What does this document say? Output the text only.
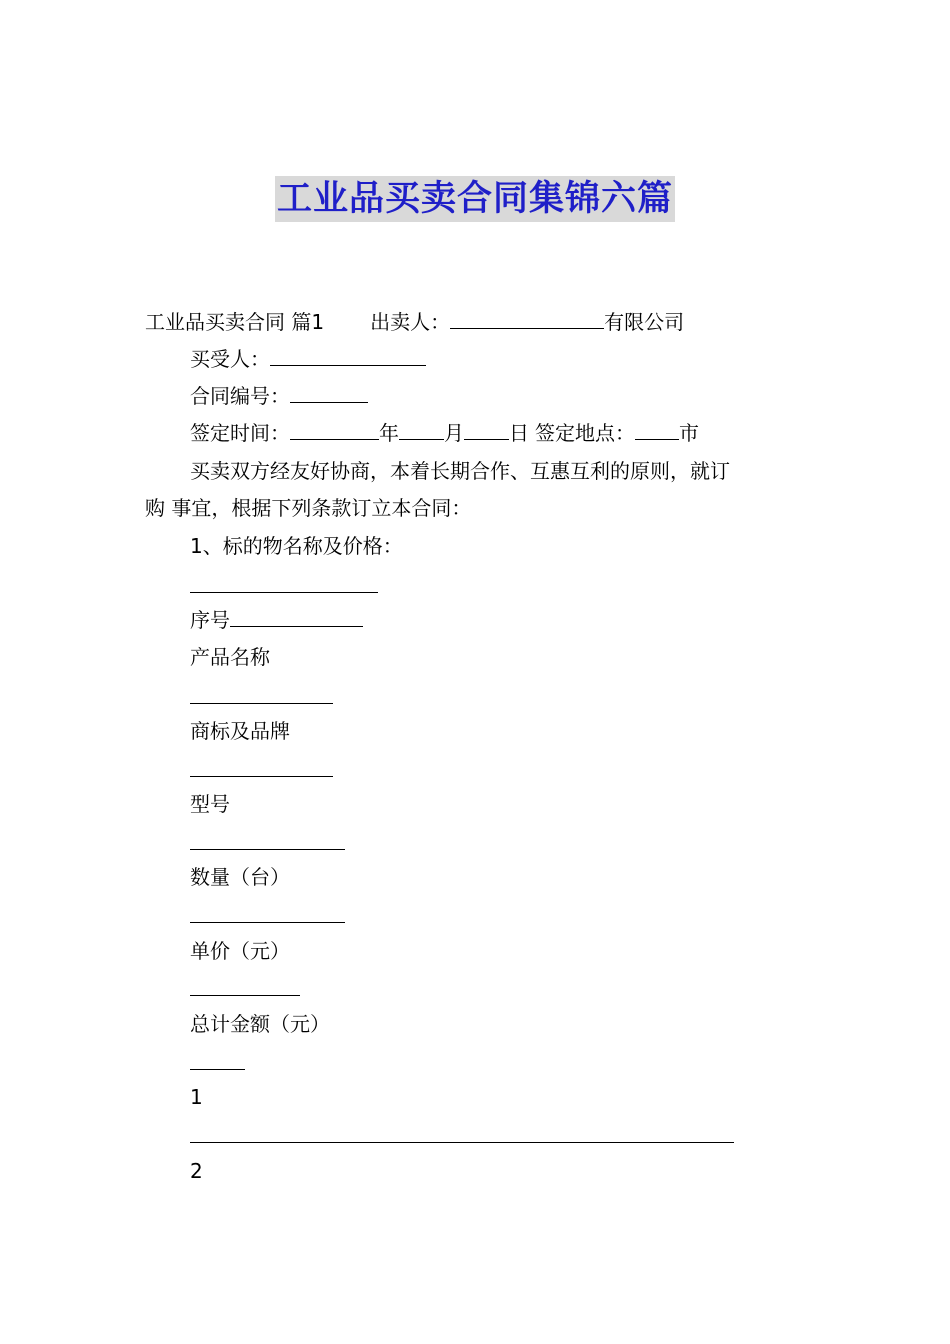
工业品买卖合同集锦六篇
工业品买卖合同 篇1 出卖人：	有限公司
买受人：
合同编号：
签定时间：	年 月 日 签定地点： 市
买卖双方经友好协商，本着长期合作、互惠互利的原则，就订
购 事宜，根据下列条款订立本合同：
1、标的物名称及价格：
序号
产品名称
商标及品牌
型号
数量（台）
单价（元）
总计金额（元）
1
2
